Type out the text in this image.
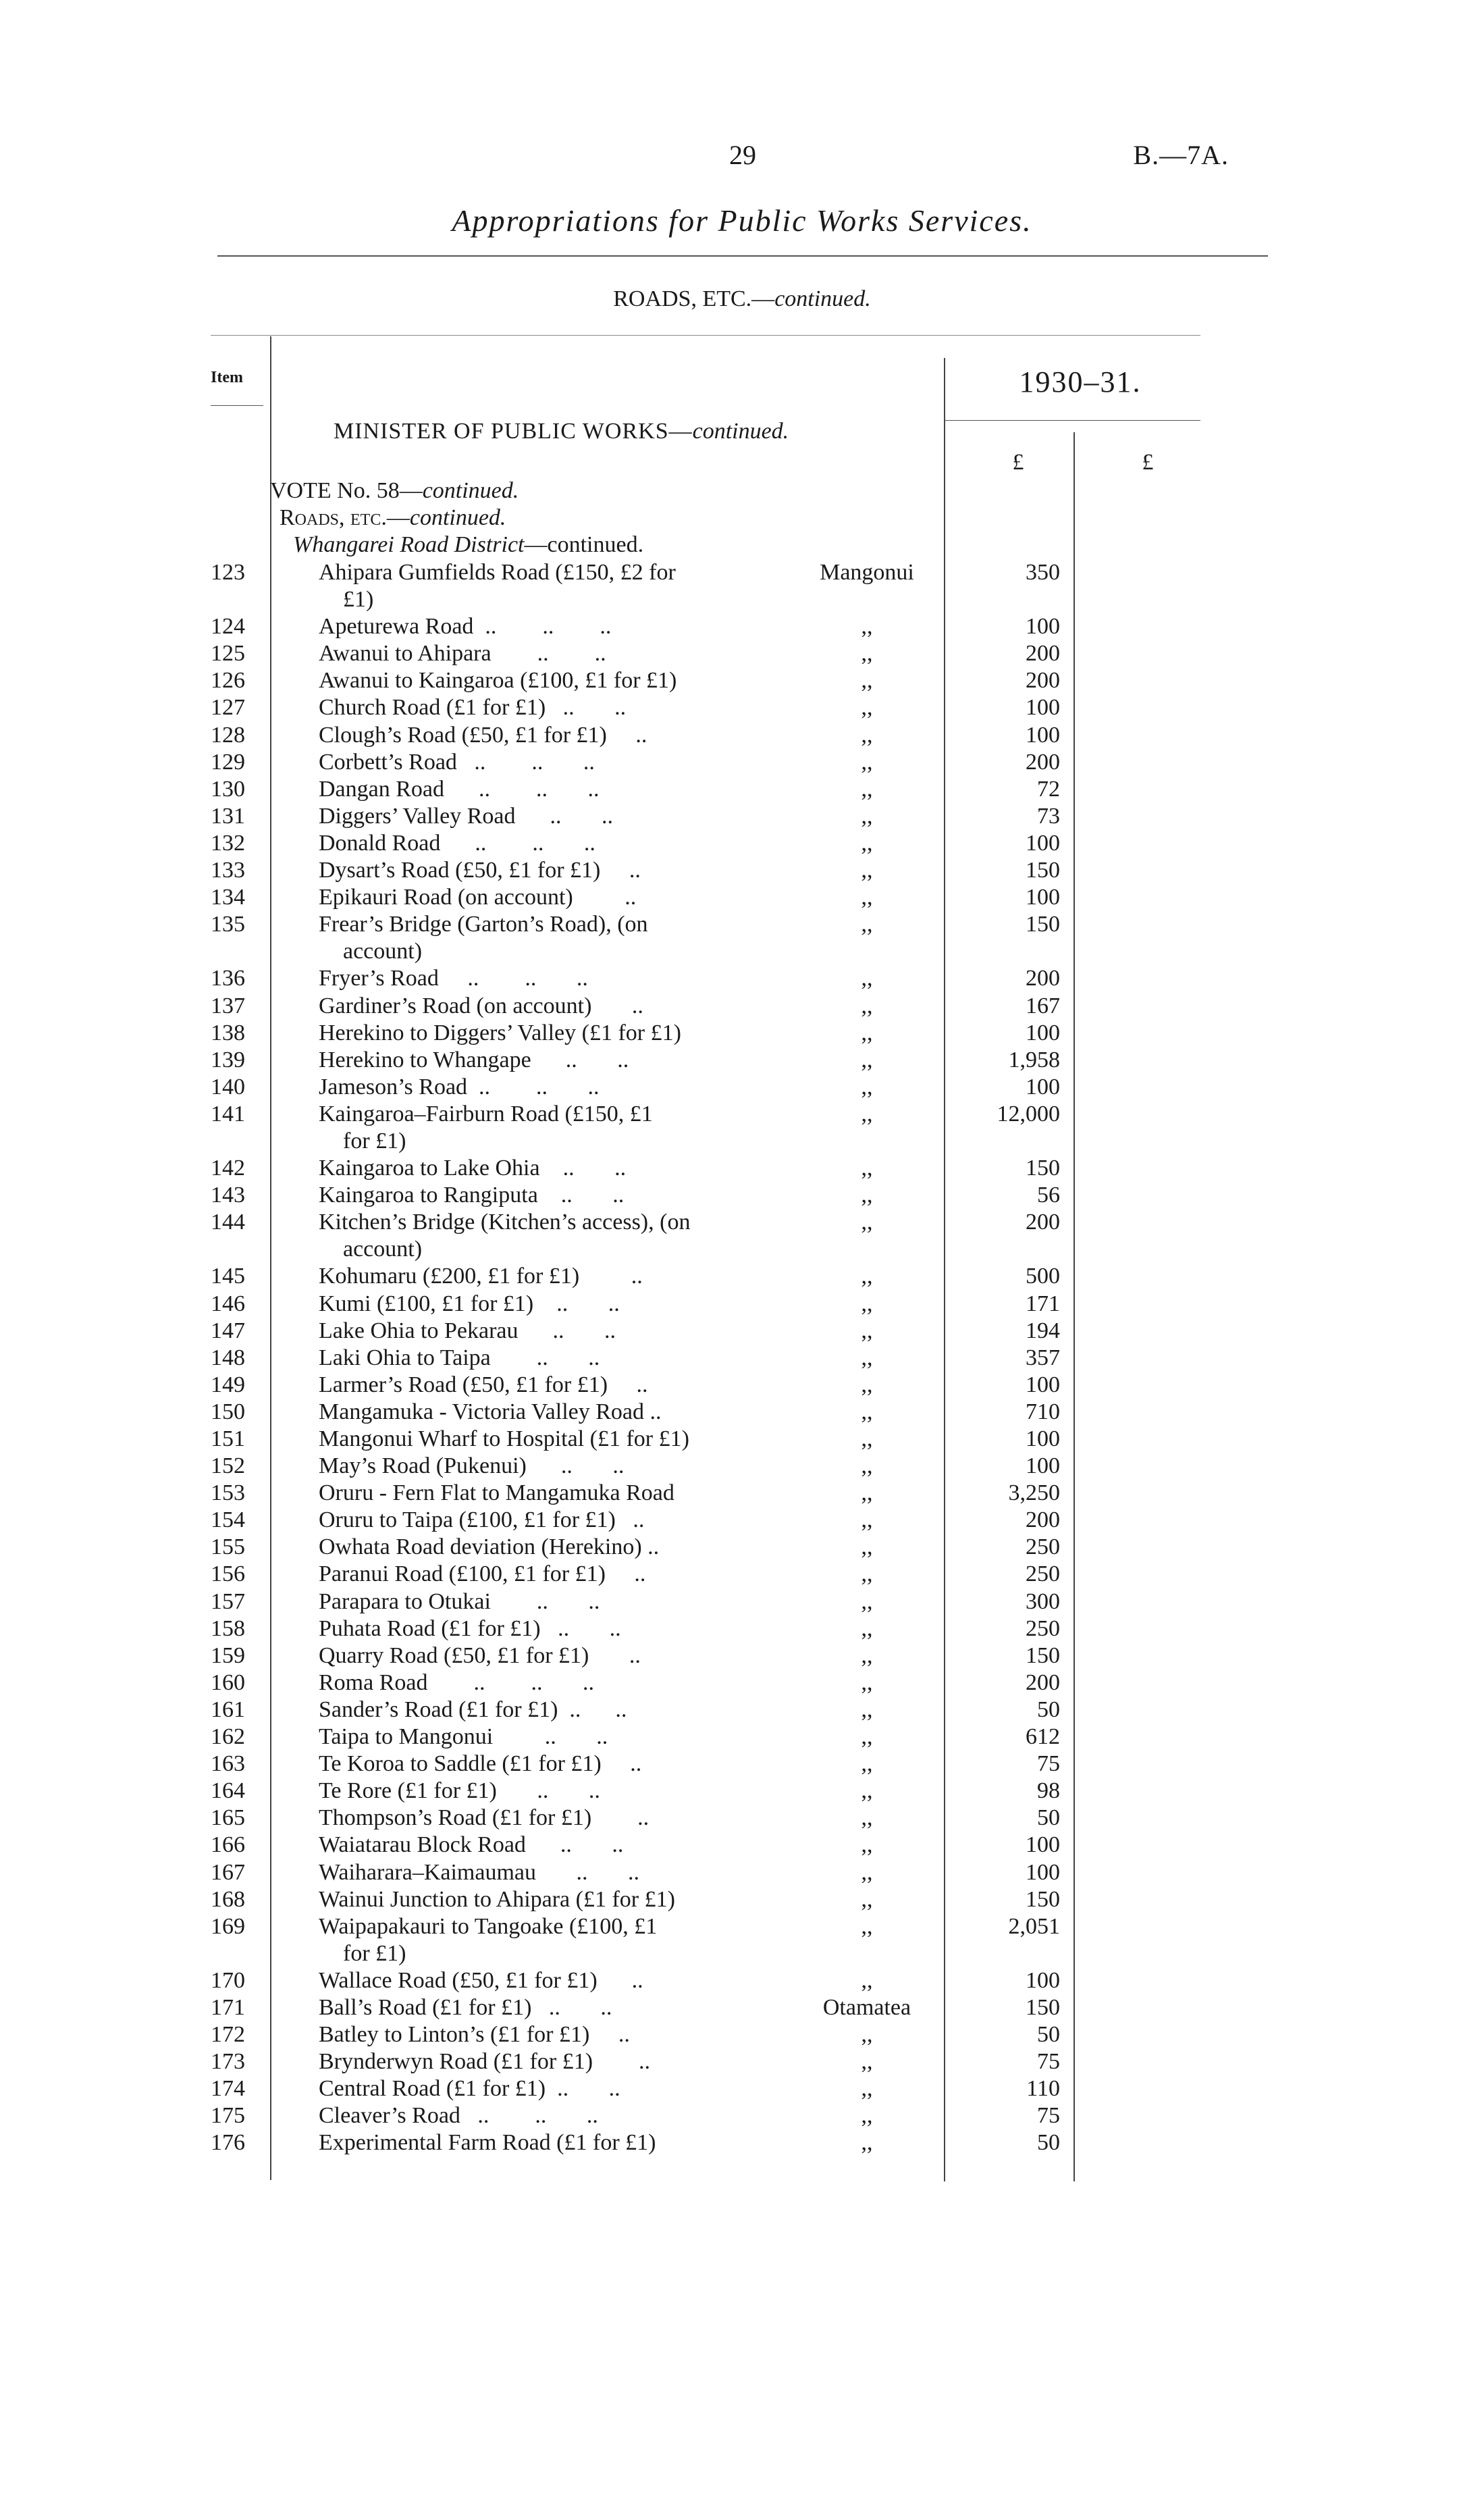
29	B.—7A.
Appropriations for Public Works Services.
ROADS, ETC.—continued.
Item	1930–31.
£	£
MINISTER OF PUBLIC WORKS—continued.
VOTE No. 58—continued.
Roads, etc.—continued.
Whangarei Road District—continued.
123	Ahipara Gumfields Road (£150, £2 for
£1)
Mangonui	350
124	Apeturewa Road  ..        ..        ..	,,	100
125	Awanui to Ahipara        ..        ..	,,	200
126	Awanui to Kaingaroa (£100, £1 for £1)	,,	200
127	Church Road (£1 for £1)   ..       ..	,,	100
128	Clough’s Road (£50, £1 for £1)     ..	,,	100
129	Corbett’s Road   ..        ..       ..	,,	200
130	Dangan Road      ..        ..       ..	,,	72
131	Diggers’ Valley Road      ..       ..	,,	73
132	Donald Road      ..        ..       ..	,,	100
133	Dysart’s Road (£50, £1 for £1)     ..	,,	150
134	Epikauri Road (on account)         ..	,,	100
135	Frear’s Bridge (Garton’s Road), (on
account)
,,	150
136	Fryer’s Road     ..        ..       ..	,,	200
137	Gardiner’s Road (on account)       ..	,,	167
138	Herekino to Diggers’ Valley (£1 for £1)	,,	100
139	Herekino to Whangape      ..       ..	,,	1,958
140	Jameson’s Road  ..        ..       ..	,,	100
141	Kaingaroa–Fairburn Road (£150, £1
for £1)
,,	12,000
142	Kaingaroa to Lake Ohia    ..       ..	,,	150
143	Kaingaroa to Rangiputa    ..       ..	,,	56
144	Kitchen’s Bridge (Kitchen’s access), (on
account)
,,	200
145	Kohumaru (£200, £1 for £1)         ..	,,	500
146	Kumi (£100, £1 for £1)    ..       ..	,,	171
147	Lake Ohia to Pekarau      ..       ..	,,	194
148	Laki Ohia to Taipa        ..       ..	,,	357
149	Larmer’s Road (£50, £1 for £1)     ..	,,	100
150	Mangamuka - Victoria Valley Road ..	,,	710
151	Mangonui Wharf to Hospital (£1 for £1)	,,	100
152	May’s Road (Pukenui)      ..       ..	,,	100
153	Oruru - Fern Flat to Mangamuka Road	,,	3,250
154	Oruru to Taipa (£100, £1 for £1)   ..	,,	200
155	Owhata Road deviation (Herekino) ..	,,	250
156	Paranui Road (£100, £1 for £1)     ..	,,	250
157	Parapara to Otukai        ..       ..	,,	300
158	Puhata Road (£1 for £1)   ..       ..	,,	250
159	Quarry Road (£50, £1 for £1)       ..	,,	150
160	Roma Road        ..        ..       ..	,,	200
161	Sander’s Road (£1 for £1)  ..      ..	,,	50
162	Taipa to Mangonui         ..       ..	,,	612
163	Te Koroa to Saddle (£1 for £1)     ..	,,	75
164	Te Rore (£1 for £1)       ..       ..	,,	98
165	Thompson’s Road (£1 for £1)        ..	,,	50
166	Waiatarau Block Road      ..       ..	,,	100
167	Waiharara–Kaimaumau       ..       ..	,,	100
168	Wainui Junction to Ahipara (£1 for £1)	,,	150
169	Waipapakauri to Tangoake (£100, £1
for £1)
,,	2,051
170	Wallace Road (£50, £1 for £1)      ..	,,	100
171	Ball’s Road (£1 for £1)   ..       ..	Otamatea	150
172	Batley to Linton’s (£1 for £1)     ..	,,	50
173	Brynderwyn Road (£1 for £1)        ..	,,	75
174	Central Road (£1 for £1)  ..       ..	,,	110
175	Cleaver’s Road   ..        ..       ..	,,	75
176	Experimental Farm Road (£1 for £1)	,,	50
